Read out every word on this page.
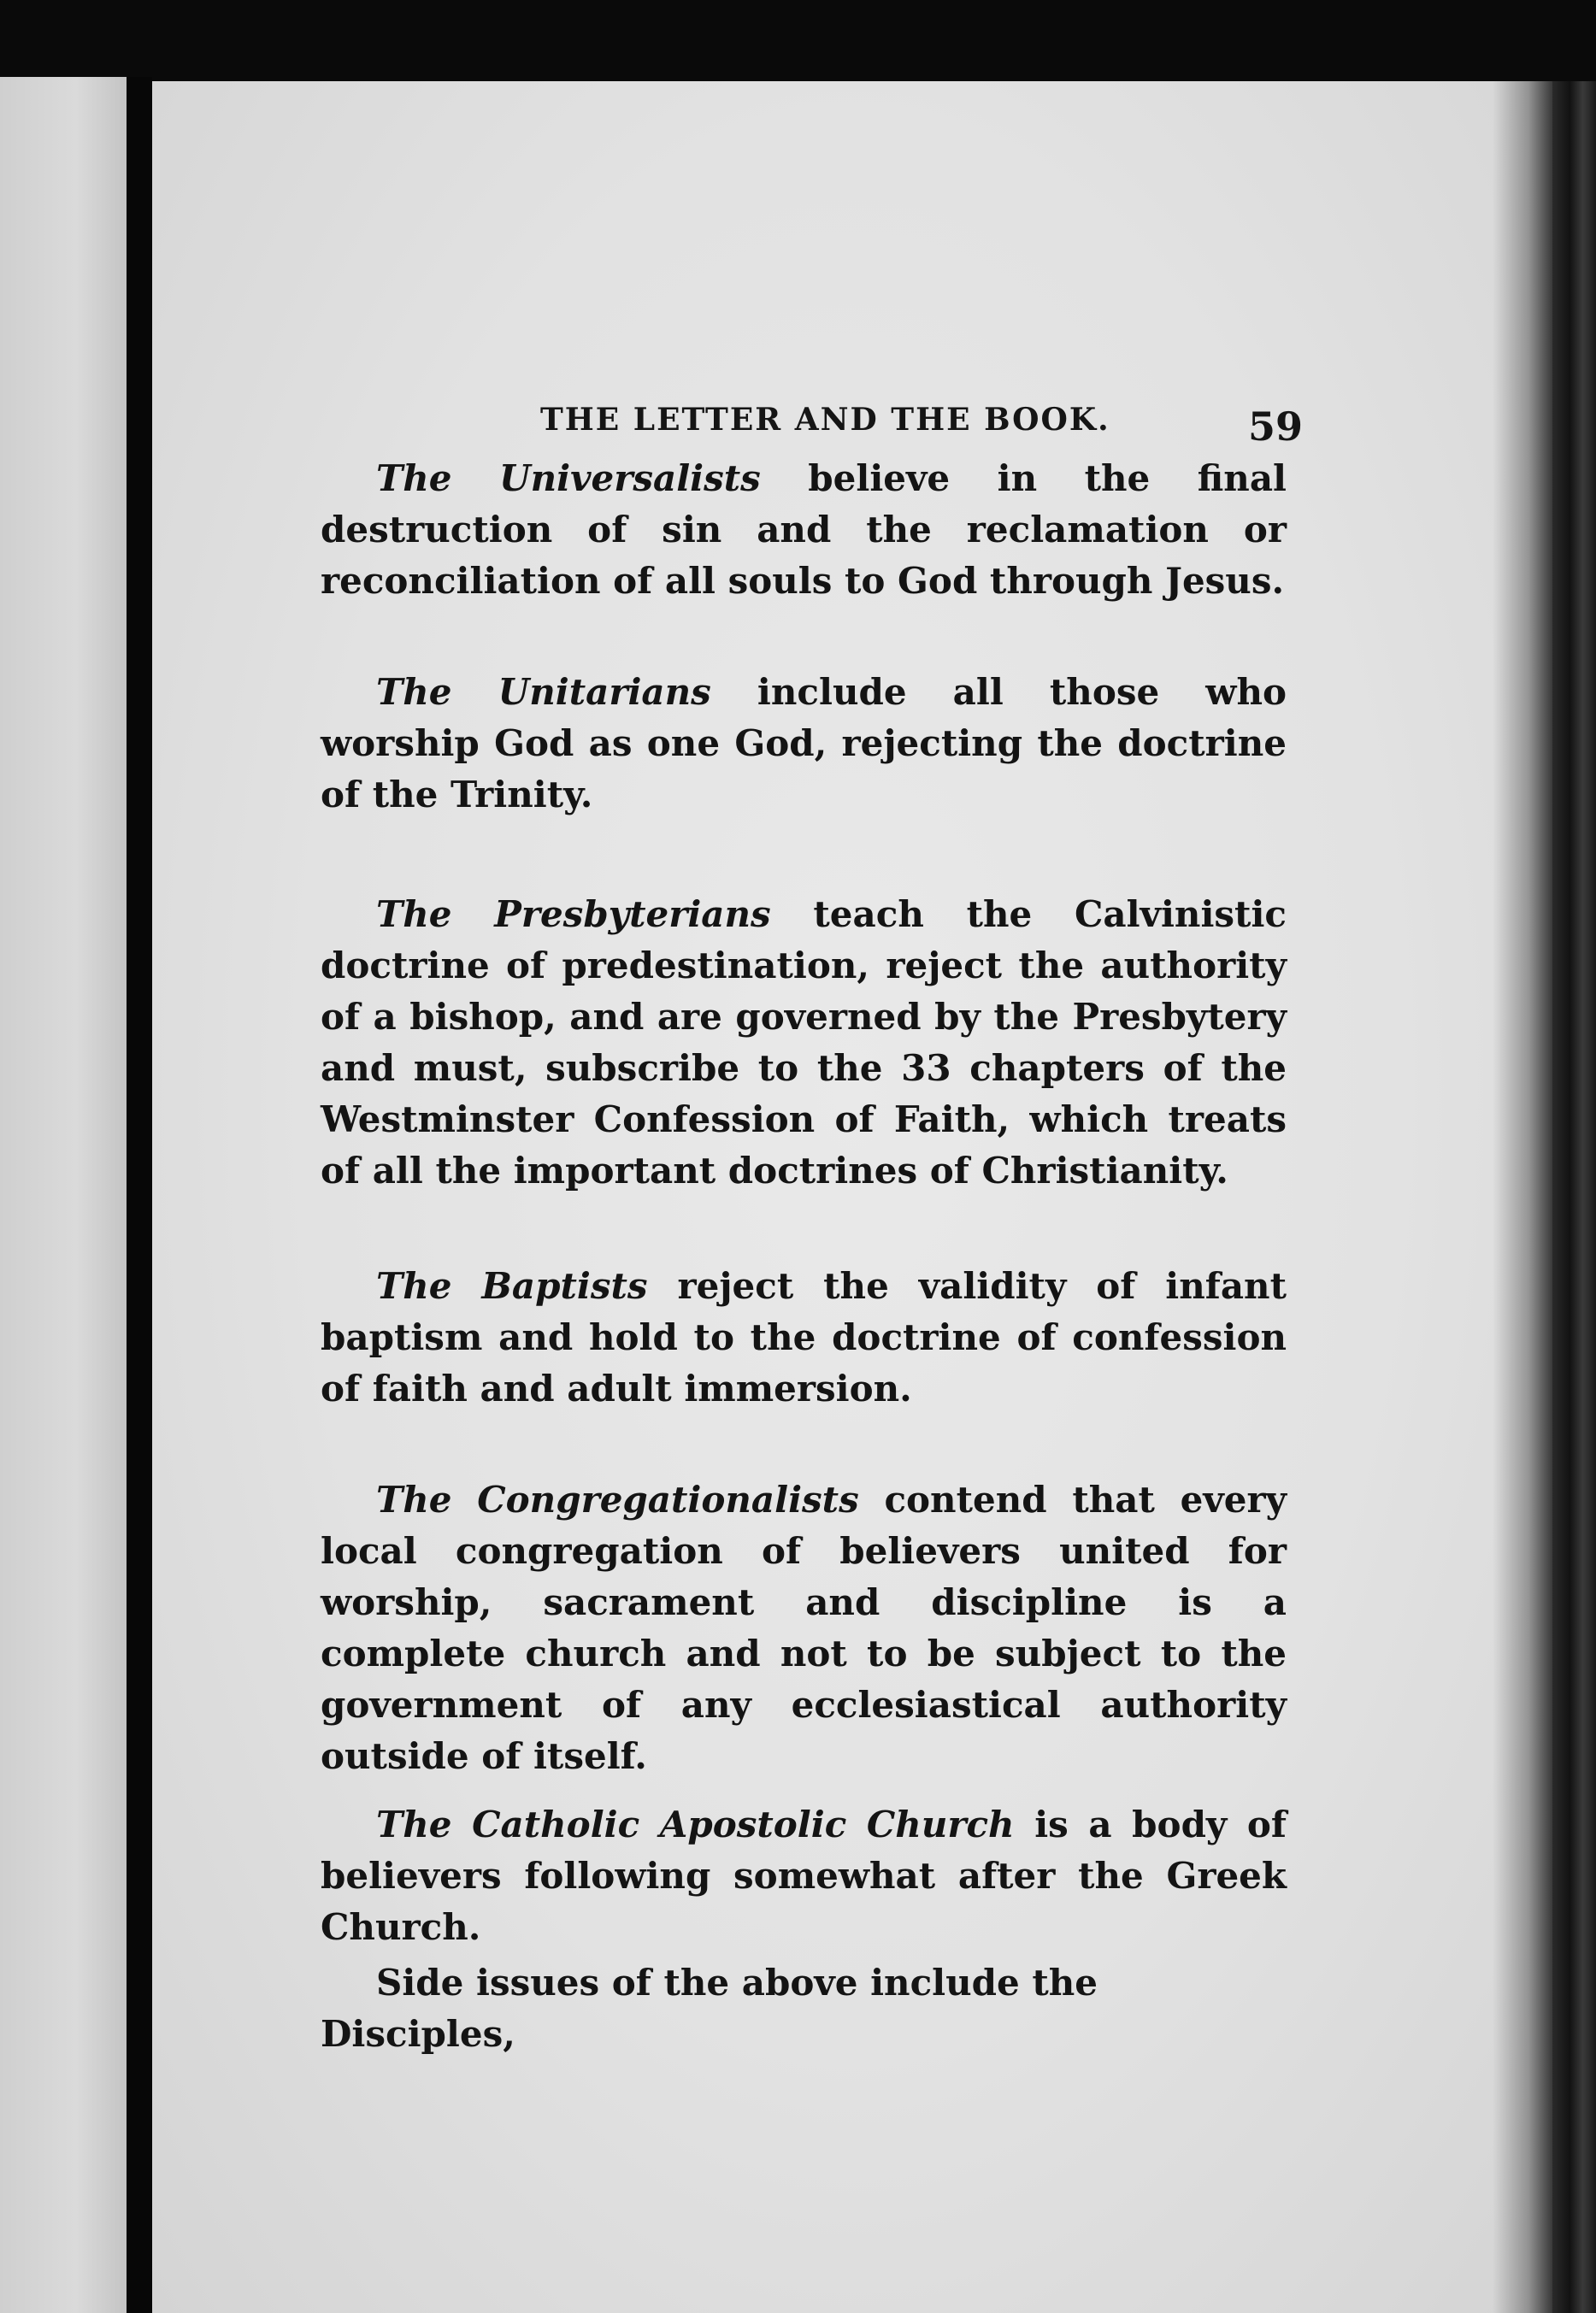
THE LETTER AND THE BOOK.	59

The Universalists believe in the final destruction of sin and the reclamation or reconciliation of all souls to God through Jesus.

The Unitarians include all those who worship God as one God, rejecting the doctrine of the Trinity.

The Presbyterians teach the Calvinistic doctrine of predestination, reject the authority of a bishop, and are governed by the Presbytery and must, subscribe to the 33 chapters of the Westminster Confession of Faith, which treats of all the important doctrines of Christianity.

The Baptists reject the validity of infant baptism and hold to the doctrine of confession of faith and adult immersion.

The Congregationalists contend that every local congregation of believers united for worship, sacrament and discipline is a complete church and not to be subject to the government of any ecclesiastical authority outside of itself.

The Catholic Apostolic Church is a body of believers following somewhat after the Greek Church.

Side issues of the above include the Disciples,
